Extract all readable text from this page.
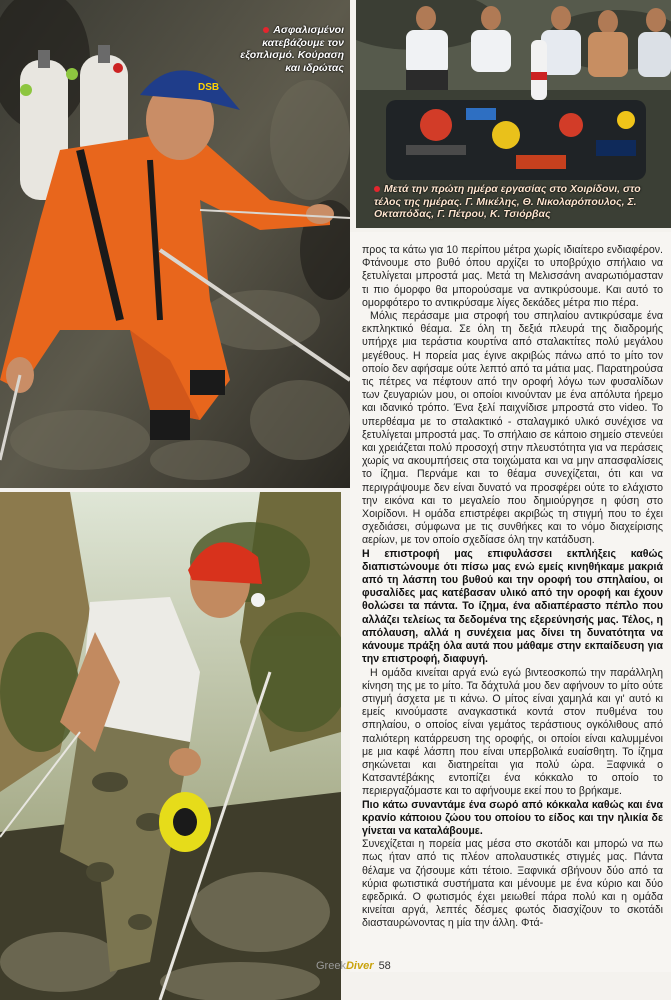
DSB
Ασφαλισμένοι κατεβάζουμε τον εξοπλισμό. Κούραση και ιδρώτας
Μετά την πρώτη ημέρα εργασίας στο Χοιρίδονι, στο τέλος της ημέρας. Γ. Μικέλης, Θ. Νικολαρόπουλος, Σ. Οκταπόδας, Γ. Πέτρου, Κ. Τσιόρβας

προς τα κάτω για 10 περίπου μέτρα χωρίς ιδιαίτερο ενδιαφέρον. Φτάνουμε στο βυθό όπου αρχίζει το υποβρύχιο σπήλαιο να ξετυλίγεται μπροστά μας. Μετά τη Μελισσάνη αναρωτιόμασταν τι πιο όμορφο θα μπορούσαμε να αντικρύσουμε. Και αυτό το ομορφότερο το αντικρύσαμε λίγες δεκάδες μέτρα πιο πέρα.

Μόλις περάσαμε μια στροφή του σπηλαίου αντικρύσαμε ένα εκπληκτικό θέαμα. Σε όλη τη δεξιά πλευρά της διαδρομής υπήρχε μια τεράστια κουρτίνα από σταλακτίτες πολύ μεγάλου μεγέθους. Η πορεία μας έγινε ακριβώς πάνω από το μίτο τον οποίο δεν αφήσαμε ούτε λεπτό από τα μάτια μας. Παρατηρούσα τις πέτρες να πέφτουν από την οροφή λόγω των φυσαλίδων των ζευγαριών μου, οι οποίοι κινούνταν με ένα απόλυτα ήρεμο και ιδανικό τρόπο. Ένα ξελί παιχνίδισε μπροστά στο video. Το υπερθέαμα με το σταλακτικό - σταλαγμικό υλικό συνέχισε να ξετυλίγεται μπροστά μας. Το σπήλαιο σε κάποιο σημείο στενεύει και χρειάζεται πολύ προσοχή στην πλευστότητα για να περάσεις χωρίς να ακουμπήσεις στα τοιχώματα και να μην απασφαλίσεις το ίζημα. Περνάμε και το θέαμα συνεχίζεται, ότι και να περιγράψουμε δεν είναι δυνατό να προσφέρει ούτε το ελάχιστο την εικόνα και το μεγαλείο που δημιούργησε η φύση στο Χοιρίδονι. Η ομάδα επιστρέφει ακριβώς τη στιγμή που το έχει σχεδιάσει, σύμφωνα με τις συνθήκες και το νόμο διαχείρισης αερίων, με τον οποίο σχεδίασε όλη την κατάδυση.

Η επιστροφή μας επιφυλάσσει εκπλήξεις καθώς διαπιστώνουμε ότι πίσω μας ενώ εμείς κινηθήκαμε μακριά από τη λάσπη του βυθού και την οροφή του σπηλαίου, οι φυσαλίδες μας κατέβασαν υλικό από την οροφή και έχουν θολώσει τα πάντα. Το ίζημα, ένα αδιαπέραστο πέπλο που αλλάζει τελείως τα δεδομένα της εξερεύνησής μας. Τέλος, η απόλαυση, αλλά η συνέχεια μας δίνει τη δυνατότητα να κάνουμε πράξη όλα αυτά που μάθαμε στην εκπαίδευση για την επιστροφή, διαφυγή.

Η ομάδα κινείται αργά ενώ εγώ βιντεοσκοπώ την παράλληλη κίνηση της με το μίτο. Τα δάχτυλά μου δεν αφήνουν το μίτο ούτε στιγμή άσχετα με τι κάνω. Ο μίτος είναι χαμηλά και γι' αυτό κι εμείς κινούμαστε αναγκαστικά κοντά στον πυθμένα του σπηλαίου, ο οποίος είναι γεμάτος τεράστιους ογκόλιθους από παλιότερη κατάρρευση της οροφής, οι οποίοι είναι καλυμμένοι με μια καφέ λάσπη που είναι υπερβολικά ευαίσθητη. Το ίζημα σηκώνεται και διατηρείται για πολύ ώρα. Ξαφνικά ο Κατσαντέβάκης εντοπίζει ένα κόκκαλο το οποίο το περιεργαζόμαστε και το αφήνουμε εκεί που το βρήκαμε.

Πιο κάτω συναντάμε ένα σωρό από κόκκαλα καθώς και ένα κρανίο κάποιου ζώου του οποίου το είδος και την ηλικία δε γίνεται να καταλάβουμε.

Συνεχίζεται η πορεία μας μέσα στο σκοτάδι και μπορώ να πω πως ήταν από τις πλέον απολαυστικές στιγμές μας. Πάντα θέλαμε να ζήσουμε κάτι τέτοιο. Ξαφνικά σβήνουν δύο από τα κύρια φωτιστικά συστήματα και μένουμε με ένα κύριο και δύο εφεδρικά. Ο φωτισμός έχει μειωθεί πάρα πολύ και η ομάδα κινείται αργά, λεπτές δέσμες φωτός διασχίζουν το σκοτάδι διασταυρώνοντας η μία την άλλη. Φτά-

GreekDiver 58
